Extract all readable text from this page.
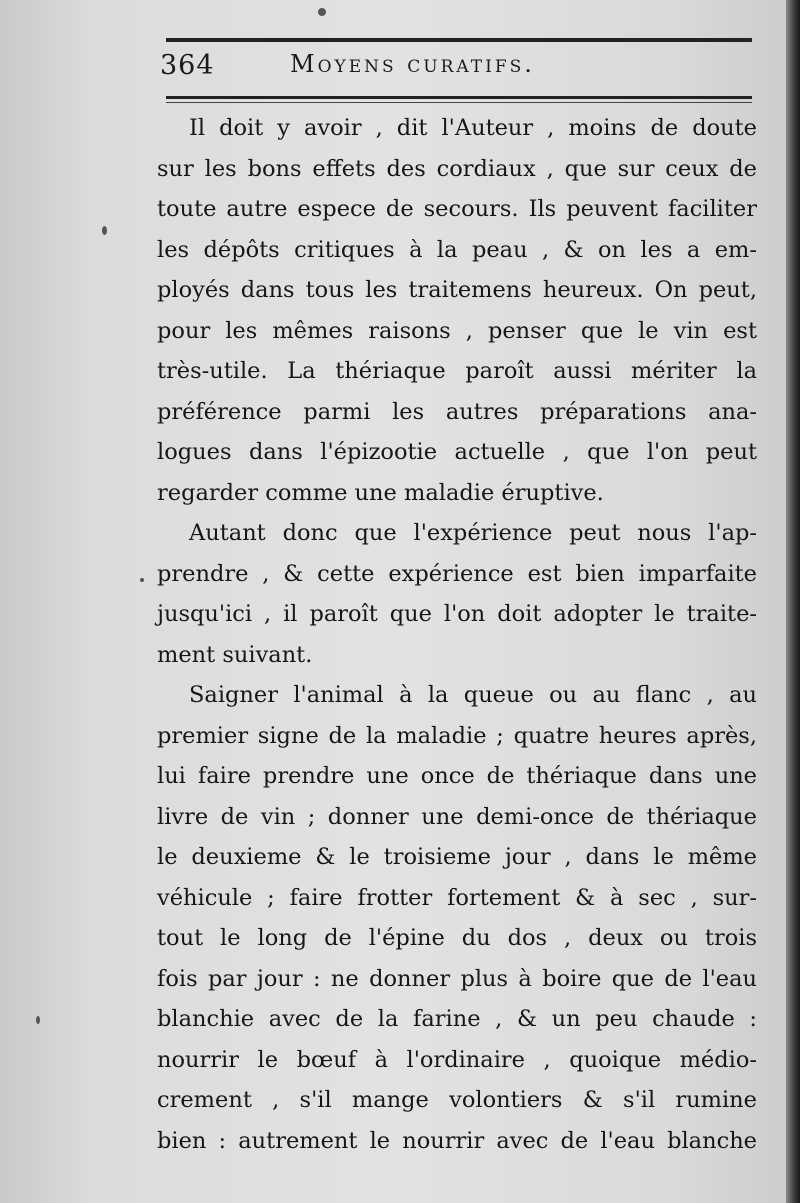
364	Moyens curatifs.
Il doit y avoir , dit l'Auteur , moins de doute
sur les bons effets des cordiaux , que sur ceux de
toute autre espece de secours. Ils peuvent faciliter
les dépôts critiques à la peau , & on les a em-
ployés dans tous les traitemens heureux. On peut,
pour les mêmes raisons , penser que le vin est
très-utile. La thériaque paroît aussi mériter la
préférence parmi les autres préparations ana-
logues dans l'épizootie actuelle , que l'on peut
regarder comme une maladie éruptive.
Autant donc que l'expérience peut nous l'ap-
prendre , & cette expérience est bien imparfaite
jusqu'ici , il paroît que l'on doit adopter le traite-
ment suivant.
Saigner l'animal à la queue ou au flanc , au
premier signe de la maladie ; quatre heures après,
lui faire prendre une once de thériaque dans une
livre de vin ; donner une demi-once de thériaque
le deuxieme & le troisieme jour , dans le même
véhicule ; faire frotter fortement & à sec , sur-
tout le long de l'épine du dos , deux ou trois
fois par jour : ne donner plus à boire que de l'eau
blanchie avec de la farine , & un peu chaude :
nourrir le bœuf à l'ordinaire , quoique médio-
crement , s'il mange volontiers & s'il rumine
bien : autrement le nourrir avec de l'eau blanche
